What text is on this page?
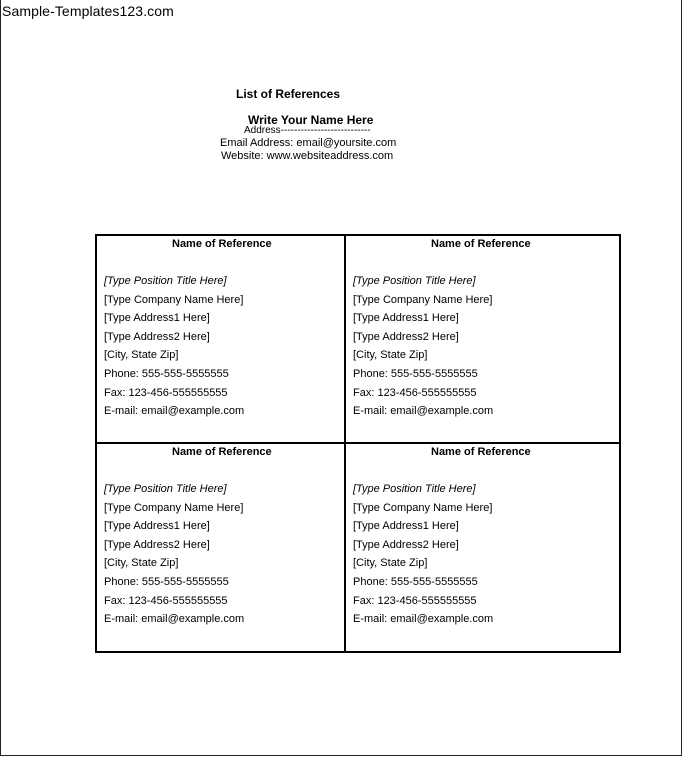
Sample-Templates123.com
List of References
Write Your Name Here
Address---------------------------
Email Address: email@yoursite.com
Website: www.websiteaddress.com
Name of Reference
[Type Position Title Here]
[Type Company Name Here]
[Type Address1 Here]
[Type Address2 Here]
[City, State Zip]
Phone: 555-555-5555555
Fax: 123-456-555555555
E-mail: email@example.com
Name of Reference
[Type Position Title Here]
[Type Company Name Here]
[Type Address1 Here]
[Type Address2 Here]
[City, State Zip]
Phone: 555-555-5555555
Fax: 123-456-555555555
E-mail: email@example.com
Name of Reference
[Type Position Title Here]
[Type Company Name Here]
[Type Address1 Here]
[Type Address2 Here]
[City, State Zip]
Phone: 555-555-5555555
Fax: 123-456-555555555
E-mail: email@example.com
Name of Reference
[Type Position Title Here]
[Type Company Name Here]
[Type Address1 Here]
[Type Address2 Here]
[City, State Zip]
Phone: 555-555-5555555
Fax: 123-456-555555555
E-mail: email@example.com
